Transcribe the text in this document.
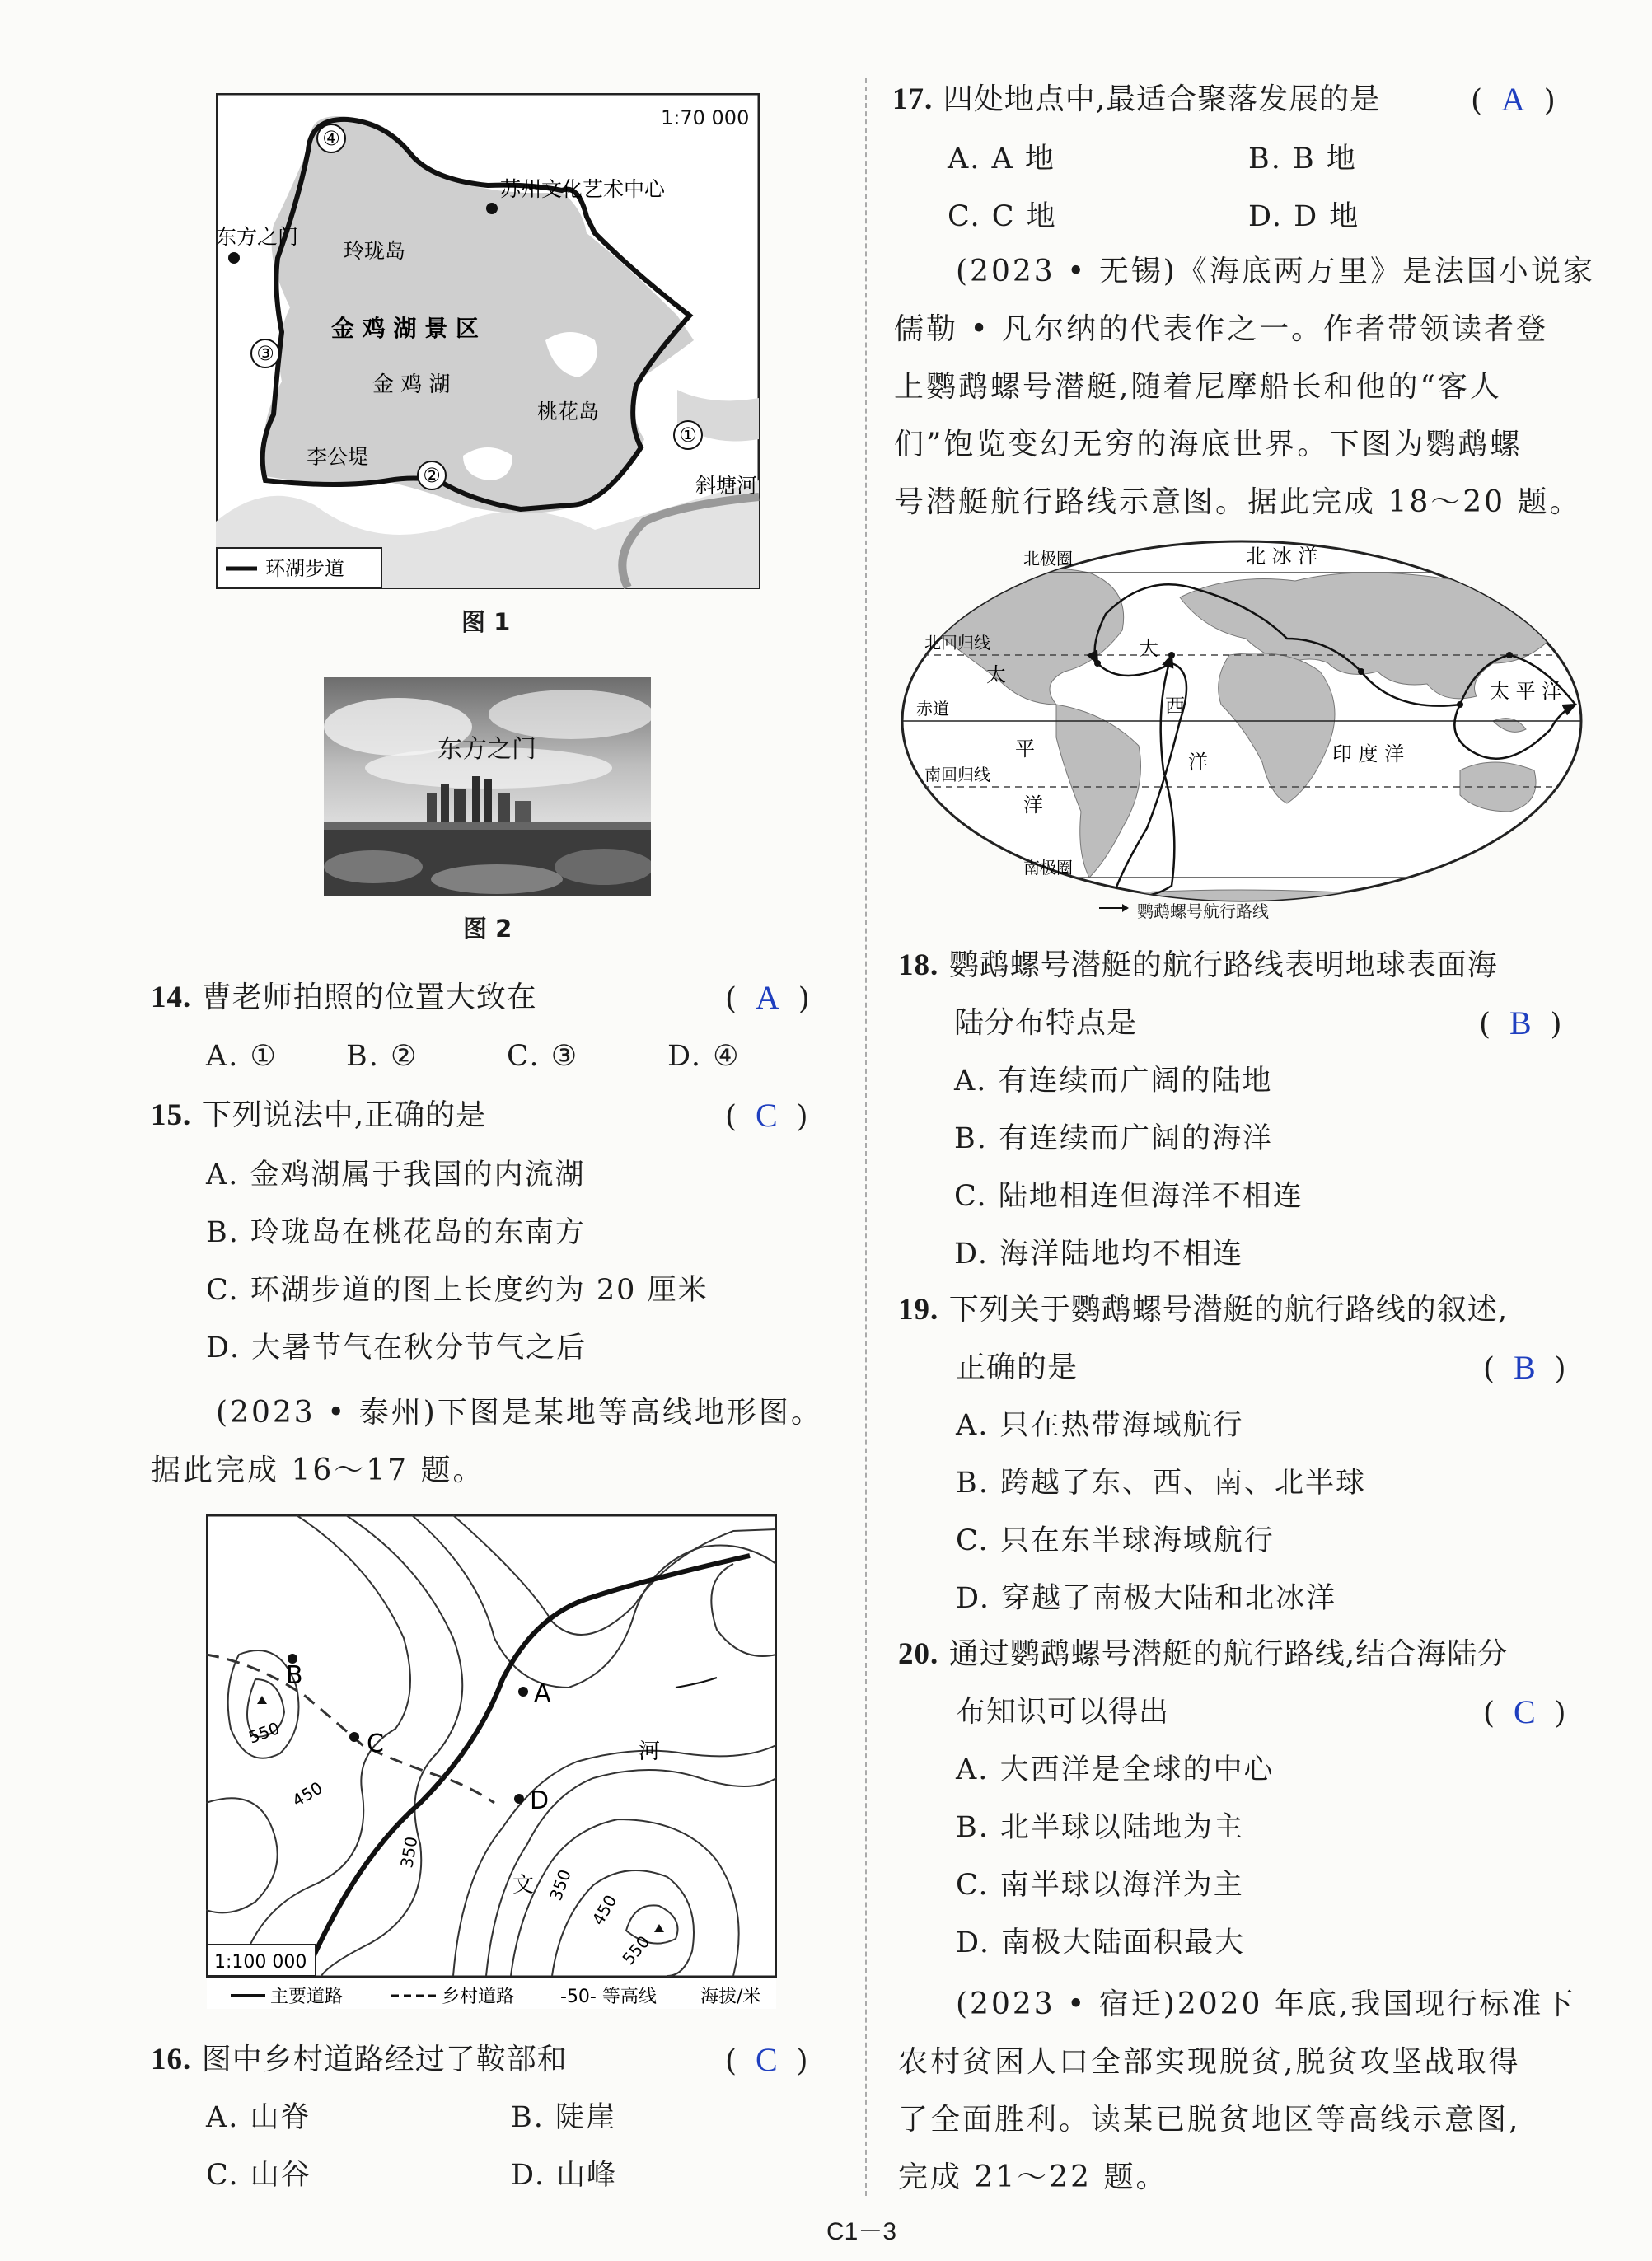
1:70 000
④
③
②
①
苏州文化艺术中心
东方之门
玲珑岛
金 鸡 湖 景 区
金 鸡 湖
桃花岛
李公堤
斜塘河
环湖步道
图 1
东方之门
图 2
14. 曹老师拍照的位置大致在	(  A  )
A. ① B. ②	C. ③	D. ④
15. 下列说法中,正确的是	(  C  )
A. 金鸡湖属于我国的内流湖
B. 玲珑岛在桃花岛的东南方
C. 环湖步道的图上长度约为 20 厘米
D. 大暑节气在秋分节气之后
(2023 • 泰州)下图是某地等高线地形图。
据此完成 16～17 题。
B
C
A
D
河
文
550
450
350
350
450
550
1:100 000
主要道路	乡村道路	-50- 等高线 海拔/米
16. 图中乡村道路经过了鞍部和	(  C  )
A. 山脊	B. 陡崖
C. 山谷	D. 山峰
17. 四处地点中,最适合聚落发展的是	(  A  )
A. A 地	B. B 地
C. C 地	D. D 地
(2023 • 无锡)《海底两万里》是法国小说家
儒勒 • 凡尔纳的代表作之一。作者带领读者登
上鹦鹉螺号潜艇,随着尼摩船长和他的“客人
们”饱览变幻无穷的海底世界。下图为鹦鹉螺
号潜艇航行路线示意图。据此完成 18～20 题。
北极圈	北 冰 洋
北回归线
赤道
南回归线
南极圈
太
平
洋
大
西
洋	印 度 洋
太 平 洋
鹦鹉螺号航行路线
18. 鹦鹉螺号潜艇的航行路线表明地球表面海
陆分布特点是	(  B  )
A. 有连续而广阔的陆地
B. 有连续而广阔的海洋
C. 陆地相连但海洋不相连
D. 海洋陆地均不相连
19. 下列关于鹦鹉螺号潜艇的航行路线的叙述,
正确的是	(  B  )
A. 只在热带海域航行
B. 跨越了东、西、南、北半球
C. 只在东半球海域航行
D. 穿越了南极大陆和北冰洋
20. 通过鹦鹉螺号潜艇的航行路线,结合海陆分
布知识可以得出	(  C  )
A. 大西洋是全球的中心
B. 北半球以陆地为主
C. 南半球以海洋为主
D. 南极大陆面积最大
(2023 • 宿迁)2020 年底,我国现行标准下
农村贫困人口全部实现脱贫,脱贫攻坚战取得
了全面胜利。读某已脱贫地区等高线示意图,
完成 21～22 题。
C1－3
